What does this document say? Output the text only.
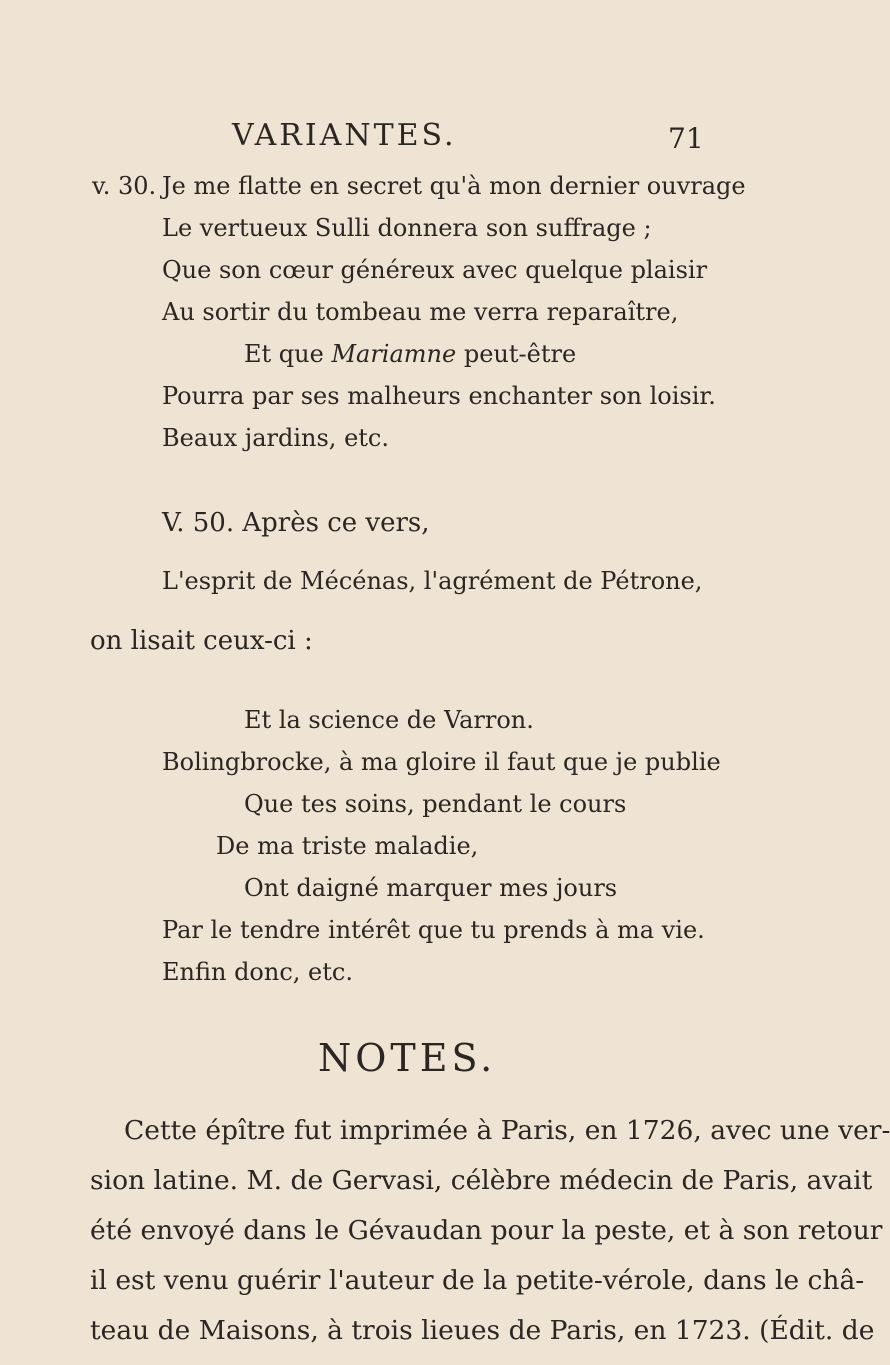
VARIANTES.	71
v. 30. Je me flatte en secret qu'à mon dernier ouvrage
Le vertueux Sulli donnera son suffrage ;
Que son cœur généreux avec quelque plaisir
Au sortir du tombeau me verra reparaître,
Et que Mariamne peut-être
Pourra par ses malheurs enchanter son loisir.
Beaux jardins, etc.
V. 50. Après ce vers,
L'esprit de Mécénas, l'agrément de Pétrone,
on lisait ceux-ci :
Et la science de Varron.
Bolingbrocke, à ma gloire il faut que je publie
Que tes soins, pendant le cours
De ma triste maladie,
Ont daigné marquer mes jours
Par le tendre intérêt que tu prends à ma vie.
Enfin donc, etc.
NOTES.
Cette épître fut imprimée à Paris, en 1726, avec une ver-
sion latine. M. de Gervasi, célèbre médecin de Paris, avait
été envoyé dans le Gévaudan pour la peste, et à son retour
il est venu guérir l'auteur de la petite-vérole, dans le châ-
teau de Maisons, à trois lieues de Paris, en 1723. (Édit. de
